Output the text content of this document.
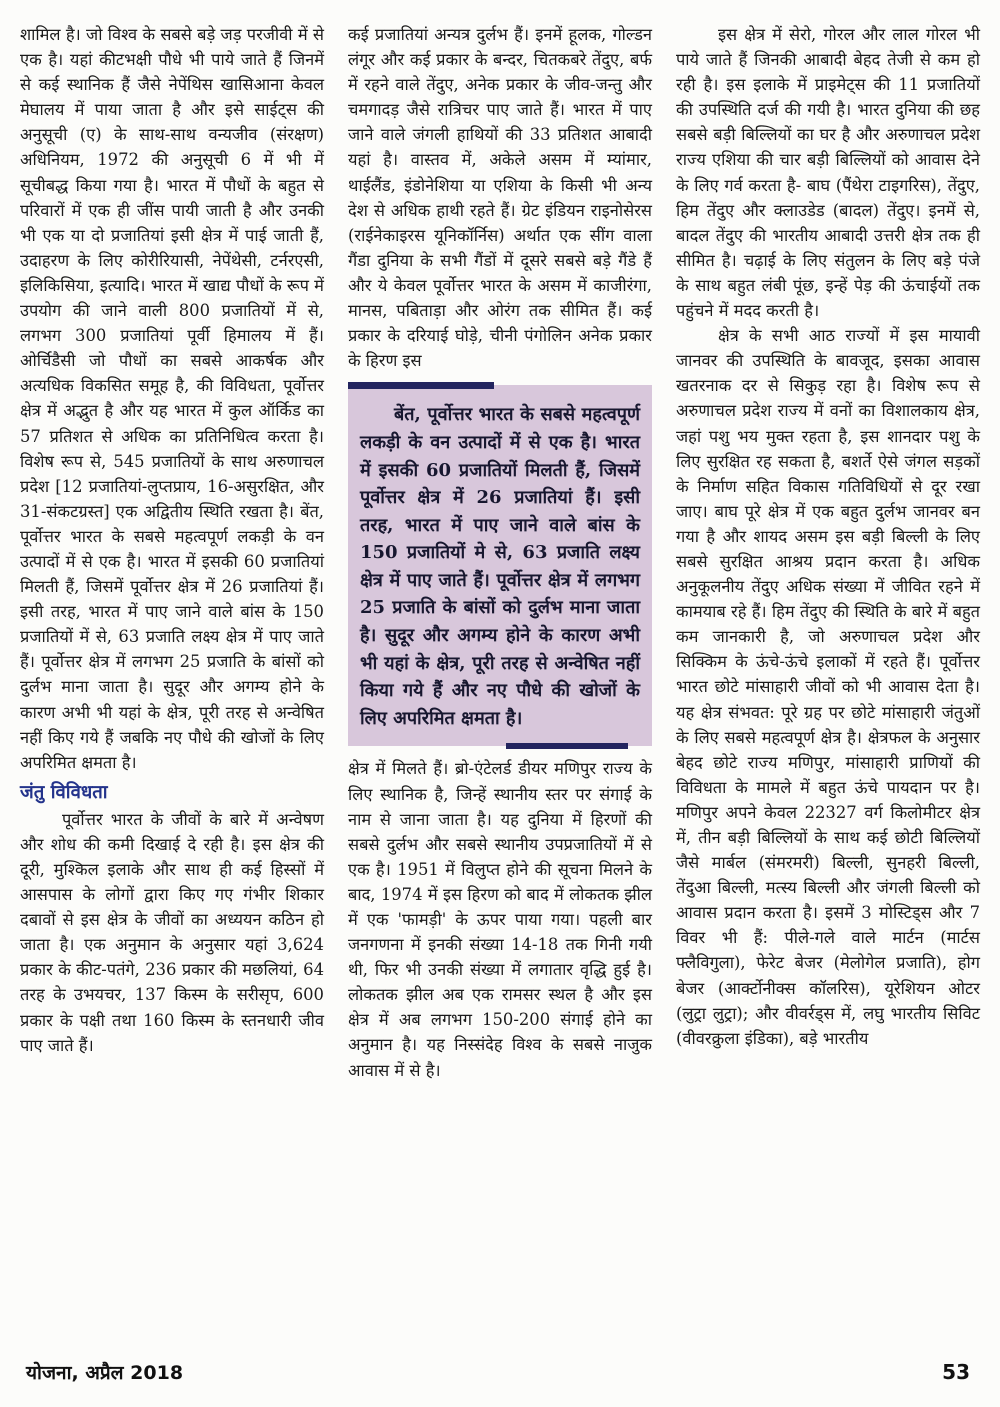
शामिल है। जो विश्व के सबसे बड़े जड़ परजीवी में से एक है। यहां कीटभक्षी पौधे भी पाये जाते हैं जिनमें से कई स्थानिक हैं जैसे नेपेंथिस खासिआना केवल मेघालय में पाया जाता है और इसे साईट्स की अनुसूची (ए) के साथ-साथ वन्यजीव (संरक्षण) अधिनियम, 1972 की अनुसूची 6 में भी में सूचीबद्ध किया गया है। भारत में पौधों के बहुत से परिवारों में एक ही जींस पायी जाती है और उनकी भी एक या दो प्रजातियां इसी क्षेत्र में पाई जाती हैं, उदाहरण के लिए कोरीरियासी, नेपेंथेसी, टर्नरएसी, इलिकिसिया, इत्यादि। भारत में खाद्य पौधों के रूप में उपयोग की जाने वाली 800 प्रजातियों में से, लगभग 300 प्रजातियां पूर्वी हिमालय में हैं। ओर्चिडैसी जो पौधों का सबसे आकर्षक और अत्यधिक विकसित समूह है, की विविधता, पूर्वोत्तर क्षेत्र में अद्भुत है और यह भारत में कुल ऑर्किड का 57 प्रतिशत से अधिक का प्रतिनिधित्व करता है। विशेष रूप से, 545 प्रजातियों के साथ अरुणाचल प्रदेश [12 प्रजातियां-लुप्तप्राय, 16-असुरक्षित, और 31-संकटग्रस्त] एक अद्वितीय स्थिति रखता है। बेंत, पूर्वोत्तर भारत के सबसे महत्वपूर्ण लकड़ी के वन उत्पादों में से एक है। भारत में इसकी 60 प्रजातियां मिलती हैं, जिसमें पूर्वोत्तर क्षेत्र में 26 प्रजातियां हैं। इसी तरह, भारत में पाए जाने वाले बांस के 150 प्रजातियों में से, 63 प्रजाति लक्ष्य क्षेत्र में पाए जाते हैं। पूर्वोत्तर क्षेत्र में लगभग 25 प्रजाति के बांसों को दुर्लभ माना जाता है। सुदूर और अगम्य होने के कारण अभी भी यहां के क्षेत्र, पूरी तरह से अन्वेषित नहीं किए गये हैं जबकि नए पौधे की खोजों के लिए अपरिमित क्षमता है।

जंतु विविधता

पूर्वोत्तर भारत के जीवों के बारे में अन्वेषण और शोध की कमी दिखाई दे रही है। इस क्षेत्र की दूरी, मुश्किल इलाके और साथ ही कई हिस्सों में आसपास के लोगों द्वारा किए गए गंभीर शिकार दबावों से इस क्षेत्र के जीवों का अध्ययन कठिन हो जाता है। एक अनुमान के अनुसार यहां 3,624 प्रकार के कीट-पतंगे, 236 प्रकार की मछलियां, 64 तरह के उभयचर, 137 किस्म के सरीसृप, 600 प्रकार के पक्षी तथा 160 किस्म के स्तनधारी जीव पाए जाते हैं।

कई प्रजातियां अन्यत्र दुर्लभ हैं। इनमें हूलक, गोल्डन लंगूर और कई प्रकार के बन्दर, चितकबरे तेंदुए, बर्फ में रहने वाले तेंदुए, अनेक प्रकार के जीव-जन्तु और चमगादड़ जैसे रात्रिचर पाए जाते हैं। भारत में पाए जाने वाले जंगली हाथियों की 33 प्रतिशत आबादी यहां है। वास्तव में, अकेले असम में म्यांमार, थाईलैंड, इंडोनेशिया या एशिया के किसी भी अन्य देश से अधिक हाथी रहते हैं। ग्रेट इंडियन राइनोसेरस (राईनेकाइरस यूनिकॉर्निस) अर्थात एक सींग वाला गैंडा दुनिया के सभी गैंडों में दूसरे सबसे बड़े गैंडे हैं और ये केवल पूर्वोत्तर भारत के असम में काजीरंगा, मानस, पबिताड़ा और ओरंग तक सीमित हैं। कई प्रकार के दरियाई घोड़े, चीनी पंगोलिन अनेक प्रकार के हिरण इस

बेंत, पूर्वोत्तर भारत के सबसे महत्वपूर्ण लकड़ी के वन उत्पादों में से एक है। भारत में इसकी 60 प्रजातियों मिलती हैं, जिसमें पूर्वोत्तर क्षेत्र में 26 प्रजातियां हैं। इसी तरह, भारत में पाए जाने वाले बांस के 150 प्रजातियों मे से, 63 प्रजाति लक्ष्य क्षेत्र में पाए जाते हैं। पूर्वोत्तर क्षेत्र में लगभग 25 प्रजाति के बांसों को दुर्लभ माना जाता है। सुदूर और अगम्य होने के कारण अभी भी यहां के क्षेत्र, पूरी तरह से अन्वेषित नहीं किया गये हैं और नए पौधे की खोजों के लिए अपरिमित क्षमता है।

क्षेत्र में मिलते हैं। ब्रो-एंटेलर्ड डीयर मणिपुर राज्य के लिए स्थानिक है, जिन्हें स्थानीय स्तर पर संगाई के नाम से जाना जाता है। यह दुनिया में हिरणों की सबसे दुर्लभ और सबसे स्थानीय उपप्रजातियों में से एक है। 1951 में विलुप्त होने की सूचना मिलने के बाद, 1974 में इस हिरण को बाद में लोकतक झील में एक 'फामड़ी' के ऊपर पाया गया। पहली बार जनगणना में इनकी संख्या 14-18 तक गिनी गयी थी, फिर भी उनकी संख्या में लगातार वृद्धि हुई है। लोकतक झील अब एक रामसर स्थल है और इस क्षेत्र में अब लगभग 150-200 संगाई होने का अनुमान है। यह निस्संदेह विश्व के सबसे नाजुक आवास में से है।

इस क्षेत्र में सेरो, गोरल और लाल गोरल भी पाये जाते हैं जिनकी आबादी बेहद तेजी से कम हो रही है। इस इलाके में प्राइमेट्स की 11 प्रजातियों की उपस्थिति दर्ज की गयी है। भारत दुनिया की छह सबसे बड़ी बिल्लियों का घर है और अरुणाचल प्रदेश राज्य एशिया की चार बड़ी बिल्लियों को आवास देने के लिए गर्व करता है- बाघ (पैंथेरा टाइगरिस), तेंदुए, हिम तेंदुए और क्लाउडेड (बादल) तेंदुए। इनमें से, बादल तेंदुए की भारतीय आबादी उत्तरी क्षेत्र तक ही सीमित है। चढ़ाई के लिए संतुलन के लिए बड़े पंजे के साथ बहुत लंबी पूंछ, इन्हें पेड़ की ऊंचाईयों तक पहुंचने में मदद करती है।

क्षेत्र के सभी आठ राज्यों में इस मायावी जानवर की उपस्थिति के बावजूद, इसका आवास खतरनाक दर से सिकुड़ रहा है। विशेष रूप से अरुणाचल प्रदेश राज्य में वनों का विशालकाय क्षेत्र, जहां पशु भय मुक्त रहता है, इस शानदार पशु के लिए सुरक्षित रह सकता है, बशर्ते ऐसे जंगल सड़कों के निर्माण सहित विकास गतिविधियों से दूर रखा जाए। बाघ पूरे क्षेत्र में एक बहुत दुर्लभ जानवर बन गया है और शायद असम इस बड़ी बिल्ली के लिए सबसे सुरक्षित आश्रय प्रदान करता है। अधिक अनुकूलनीय तेंदुए अधिक संख्या में जीवित रहने में कामयाब रहे हैं। हिम तेंदुए की स्थिति के बारे में बहुत कम जानकारी है, जो अरुणाचल प्रदेश और सिक्किम के ऊंचे-ऊंचे इलाकों में रहते हैं। पूर्वोत्तर भारत छोटे मांसाहारी जीवों को भी आवास देता है। यह क्षेत्र संभवत: पूरे ग्रह पर छोटे मांसाहारी जंतुओं के लिए सबसे महत्वपूर्ण क्षेत्र है। क्षेत्रफल के अनुसार बेहद छोटे राज्य मणिपुर, मांसाहारी प्राणियों की विविधता के मामले में बहुत ऊंचे पायदान पर है। मणिपुर अपने केवल 22327 वर्ग किलोमीटर क्षेत्र में, तीन बड़ी बिल्लियों के साथ कई छोटी बिल्लियों जैसे मार्बल (संमरमरी) बिल्ली, सुनहरी बिल्ली, तेंदुआ बिल्ली, मत्स्य बिल्ली और जंगली बिल्ली को आवास प्रदान करता है। इसमें 3 मोस्टिड्स और 7 विवर भी हैं: पीले-गले वाले मार्टन (मार्टस फ्लैविगुला), फेरेट बेजर (मेलोगेल प्रजाति), होग बेजर (आर्क्टोनीक्स कॉलरिस), यूरेशियन ओटर (लुट्रा लुट्रा); और वीवर्रड्स में, लघु भारतीय सिविट (वीवरक्रुला इंडिका), बड़े भारतीय

योजना, अप्रैल 2018	53
